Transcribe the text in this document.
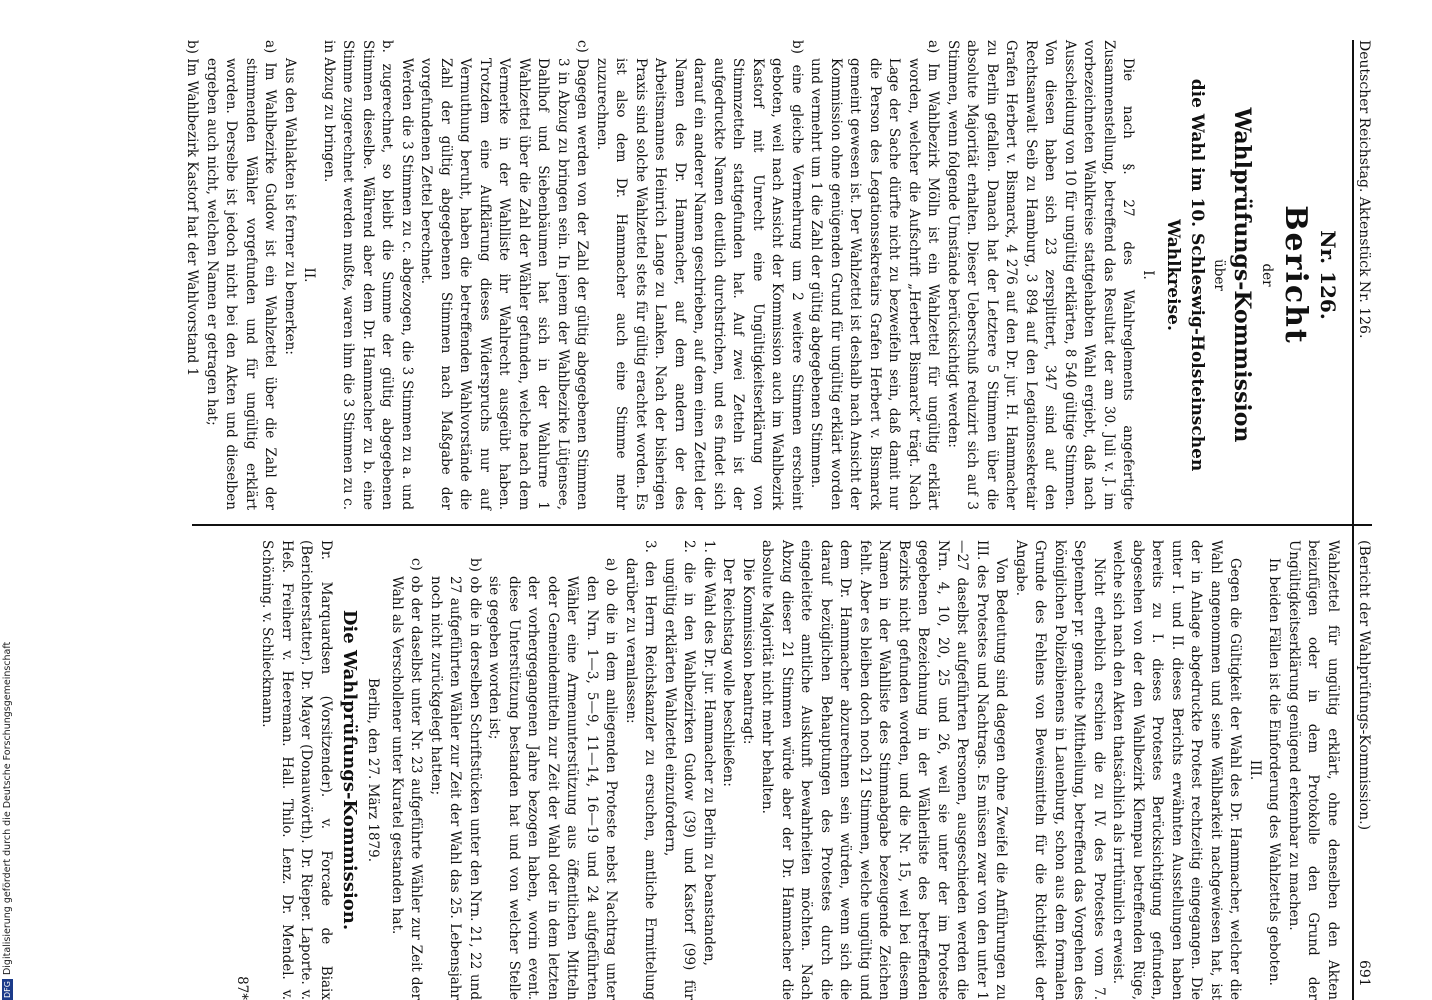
Deutscher Reichstag. Aktenstück Nr. 126.
(Bericht der Wahlprüfungs-Kommission.)
691

Nr. 126.

Bericht

der

Wahlprüfungs-Kommission

über

die Wahl im 10. Schleswig-Holsteinschen Wahlkreise.

I.

Die nach §. 27 des Wahlreglements angefertigte Zusammenstellung, betreffend das Resultat der am 30. Juli v. J. im vorbezeichneten Wahlkreise stattgehabten Wahl ergiebt, daß nach Ausscheidung von 10 für ungültig erklärten, 8 540 gültige Stimmen. Von diesen haben sich 23 zersplittert, 347 sind auf den Rechtsanwalt Seib zu Hamburg, 3 894 auf den Legationssekretair Grafen Herbert v. Bismarck, 4 276 auf den Dr. jur. H. Hammacher zu Berlin gefallen. Danach hat der Letztere 5 Stimmen über die absolute Majorität erhalten. Dieser Ueberschuß reduzirt sich auf 3 Stimmen, wenn folgende Umstände berücksichtigt werden:

a) Im Wahlbezirk Mölln ist ein Wahlzettel für ungültig erklärt worden, welcher die Aufschrift „Herbert Bismarck“ trägt. Nach Lage der Sache dürfte nicht zu bezweifeln sein, daß damit nur die Person des Legationssekretairs Grafen Herbert v. Bismarck gemeint gewesen ist. Der Wahlzettel ist deshalb nach Ansicht der Kommission ohne genügenden Grund für ungültig erklärt worden und vermehrt um 1 die Zahl der gültig abgegebenen Stimmen.

b) eine gleiche Vermehrung um 2 weitere Stimmen erscheint geboten, weil nach Ansicht der Kommission auch im Wahlbezirk Kastorf mit Unrecht eine Ungültigkeitserklärung von Stimmzetteln stattgefunden hat. Auf zwei Zetteln ist der aufgedruckte Namen deutlich durchstrichen, und es findet sich darauf ein anderer Namen geschrieben, auf dem einen Zettel der Namen des Dr. Hammacher, auf dem andern der des Arbeitsmannes Heinrich Lange zu Lanken. Nach der bisherigen Praxis sind solche Wahlzettel stets für gültig erachtet worden. Es ist also dem Dr. Hammacher auch eine Stimme mehr zuzurechnen.

c) Dagegen werden von der Zahl der gültig abgegebenen Stimmen 3 in Abzug zu bringen sein. In jenem der Wahlbezirke Lütjensee, Dahlhof und Siebenbäumen hat sich in der Wahlurne 1 Wahlzettel über die Zahl der Wähler gefunden, welche nach dem Vermerke in der Wahlliste ihr Wahlrecht ausgeübt haben. Trotzdem eine Aufklärung dieses Widerspruchs nur auf Vermuthung beruht, haben die betreffenden Wahlvorstände die Zahl der gültig abgegebenen Stimmen nach Maßgabe der vorgefundenen Zettel berechnet.

Werden die 3 Stimmen zu c. abgezogen, die 3 Stimmen zu a. und b. zugerechnet, so bleibt die Summe der gültig abgegebenen Stimmen dieselbe. Während aber dem Dr. Hammacher zu b. eine Stimme zugerechnet werden mußte, waren ihm die 3 Stimmen zu c. in Abzug zu bringen.

II.

Aus den Wahlakten ist ferner zu bemerken:

a) Im Wahlbezirke Gudow ist ein Wahlzettel über die Zahl der stimmenden Wähler vorgefunden und für ungültig erklärt worden. Derselbe ist jedoch nicht bei den Akten und dieselben ergeben auch nicht, welchen Namen er getragen hat;

b) Im Wahlbezirk Kastorf hat der Wahlvorstand 1

Wahlzettel für ungültig erklärt, ohne denselben den Akten beizufügen oder in dem Protokolle den Grund der Ungültigkeitserklärung genügend erkennbar zu machen.

In beiden Fällen ist die Einforderung des Wahlzettels geboten.

III.

Gegen die Gültigkeit der Wahl des Dr. Hammacher, welcher die Wahl angenommen und seine Wählbarkeit nachgewiesen hat, ist der in Anlage abgedruckte Protest rechtzeitig eingegangen. Die unter I. und II. dieses Berichts erwähnten Ausstellungen haben bereits zu I. dieses Protestes Berücksichtigung gefunden, abgesehen von der den Wahlbezirk Klempau betreffenden Rüge, welche sich nach den Akten thatsächlich als irrthümlich erweist.

Nicht erheblich erschien die zu IV. des Protestes vom 7. September pr. gemachte Mittheilung, betreffend das Vorgehen des königlichen Polizeibienens in Lauenburg, schon aus dem formalen Grunde des Fehlens von Beweismitteln für die Richtigkeit der Angabe.

Von Bedeutung sind dagegen ohne Zweifel die Anführungen zu III. des Protestes und Nachtrags. Es müssen zwar von den unter 1—27 daselbst aufgeführten Personen, ausgeschieden werden die Nrn. 4, 10, 20, 25 und 26, weil sie unter der im Proteste gegebenen Bezeichnung in der Wählerliste des betreffenden Bezirks nicht gefunden worden, und die Nr. 15, weil bei diesem Namen in der Wahlliste des Stimmabgabe bezeugende Zeichen fehlt. Aber es bleiben doch noch 21 Stimmen, welche ungültig und dem Dr. Hammacher abzurechnen sein würden, wenn sich die darauf bezüglichen Behauptungen des Protestes durch die eingeleitete amtliche Auskunft bewahrheiten möchten. Nach Abzug dieser 21 Stimmen würde aber der Dr. Hammacher die absolute Majorität nicht mehr behalten.

Die Kommission beantragt:

Der Reichstag wolle beschließen:

1. die Wahl des Dr. jur. Hammacher zu Berlin zu beanstanden,

2. die in den Wahlbezirken Gudow (39) und Kastorf (99) für ungültig erklärten Wahlzettel einzufordern,

3. den Herrn Reichskanzler zu ersuchen, amtliche Ermittelung darüber zu veranlassen:

a) ob die in dem anliegenden Proteste nebst Nachtrag unter den Nrn. 1—3, 5—9, 11—14, 16—19 und 24 aufgeführten Wähler eine Armenunterstützung aus öffentlichen Mitteln oder Gemeindemitteln zur Zeit der Wahl oder in dem letzten der vorhergegangenen Jahre bezogen haben, worin event. diese Unterstützung bestanden hat und von welcher Stelle sie gegeben worden ist;

b) ob die in derselben Schriftstücken unter den Nrn. 21, 22 und 27 aufgeführten Wähler zur Zeit der Wahl das 25. Lebensjahr noch nicht zurückgelegt hatten;

c) ob der daselbst unter Nr. 23 aufgeführte Wähler zur Zeit der Wahl als Verschollener unter Kuratel gestanden hat.

Berlin, den 27. März 1879.

Die Wahlprüfungs-Kommission.

Dr. Marquardsen (Vorsitzender). v. Forcade de Biaix (Berichterstatter). Dr. Mayer (Donauwörth). Dr. Rieper. Laporte. v. Heß. Freiherr v. Heereman. Hall. Thilo. Lenz. Dr. Mendel. v. Schöning. v. Schlieckmann.

87*

DFGDigitalisierung gefördert durch die Deutsche Forschungsgemeinschaft
